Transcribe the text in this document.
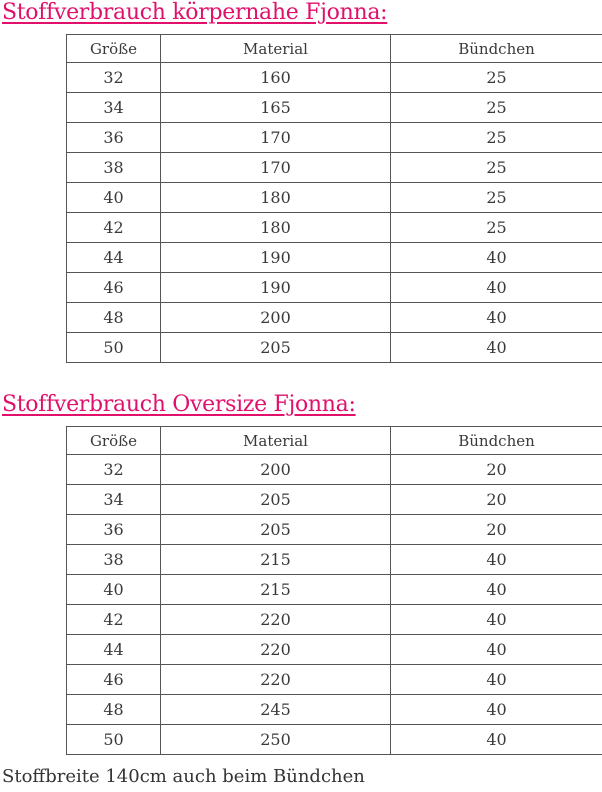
Stoffverbrauch körpernahe Fjonna:
Größe	Material	Bündchen
32	160	25
34	165	25
36	170	25
38	170	25
40	180	25
42	180	25
44	190	40
46	190	40
48	200	40
50	205	40
Stoffverbrauch Oversize Fjonna:
Größe	Material	Bündchen
32	200	20
34	205	20
36	205	20
38	215	40
40	215	40
42	220	40
44	220	40
46	220	40
48	245	40
50	250	40
Stoffbreite 140cm auch beim Bündchen
